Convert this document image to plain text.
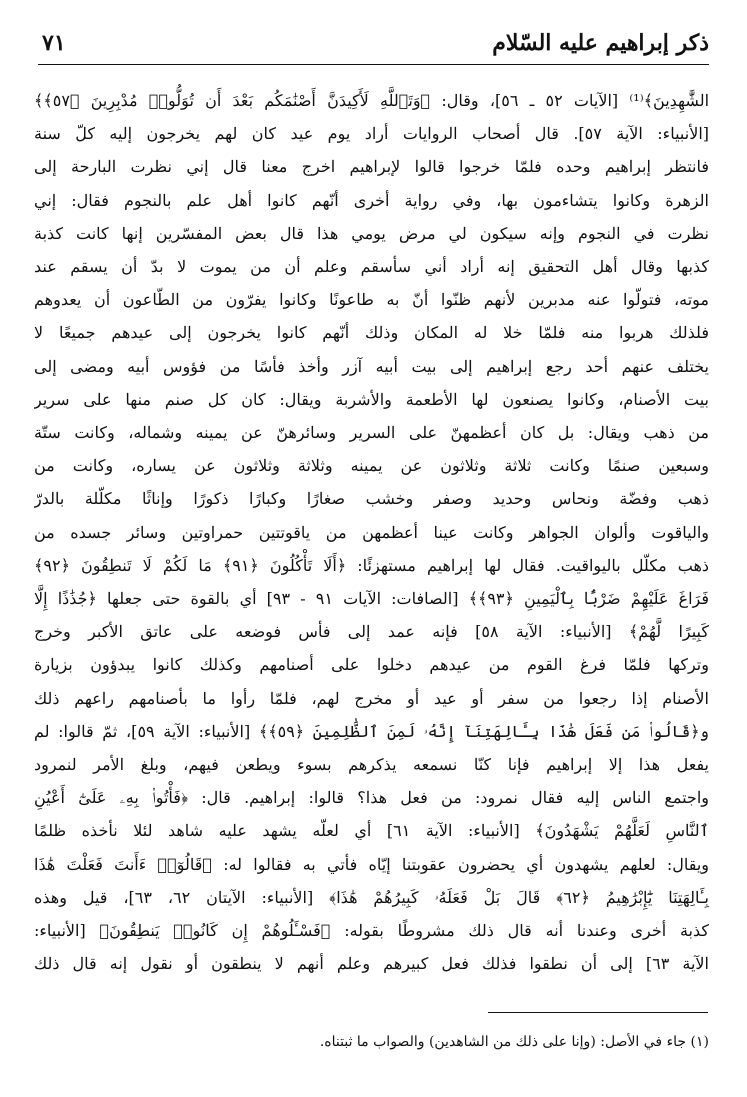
ذكر إبراهيم عليه السّلام
٧١
الشَّٰهِدِينَ﴾⁽¹⁾ [الآيات ٥٢ ـ ٥٦]، وقال: ﴿وَتَٱللَّهِ لَأَكِيدَنَّ أَصْنَٰمَكُم بَعْدَ أَن تُوَلُّوا۟ مُدْبِرِينَ ﴿٥٧﴾﴾
[الأنبياء: الآية ٥٧]. قال أصحاب الروايات أراد يوم عيد كان لهم يخرجون إليه كلّ سنة
فانتظر إبراهيم وحده فلمّا خرجوا قالوا لإبراهيم اخرج معنا قال إني نظرت البارحة إلى
الزهرة وكانوا يتشاءمون بها، وفي رواية أخرى أنّهم كانوا أهل علم بالنجوم فقال: إني
نظرت في النجوم وإنه سيكون لي مرض يومي هذا قال بعض المفسّرين إنها كانت كذبة
كذبها وقال أهل التحقيق إنه أراد أني سأسقم وعلم أن من يموت لا بدّ أن يسقم عند
موته، فتولّوا عنه مدبرين لأنهم ظنّوا أنّ به طاعونًا وكانوا يفرّون من الطّاعون أن يعدوهم
فلذلك هربوا منه فلمّا خلا له المكان وذلك أنّهم كانوا يخرجون إلى عيدهم جميعًا لا
يختلف عنهم أحد رجع إبراهيم إلى بيت أبيه آزر وأخذ فأسًا من فؤوس أبيه ومضى إلى
بيت الأصنام، وكانوا يصنعون لها الأطعمة والأشربة ويقال: كان كل صنم منها على سرير
من ذهب ويقال: بل كان أعظمهنّ على السرير وسائرهنّ عن يمينه وشماله، وكانت ستّة
وسبعين صنمًا وكانت ثلاثة وثلاثون عن يمينه وثلاثة وثلاثون عن يساره، وكانت من
ذهب وفضّة ونحاس وحديد وصفر وخشب صغارًا وكبارًا ذكورًا وإناثًا مكلّلة بالدرّ
والياقوت وألوان الجواهر وكانت عينا أعظمهن من ياقوتتين حمراوتين وسائر جسده من
ذهب مكلّل باليواقيت. فقال لها إبراهيم مستهزئًا: ﴿أَلَا تَأْكُلُونَ ﴿٩١﴾ مَا لَكُمْ لَا تَنطِقُونَ ﴿٩٢﴾
فَرَاغَ عَلَيْهِمْ ضَرْبًۢا بِٱلْيَمِينِ ﴿٩٣﴾﴾ [الصافات: الآيات ٩١ - ٩٣] أي بالقوة حتى جعلها ﴿جُذَٰذًا إِلَّا
كَبِيرًا لَّهُمْ﴾ [الأنبياء: الآية ٥٨] فإنه عمد إلى فأس فوضعه على عاتق الأكبر وخرج
وتركها فلمّا فرغ القوم من عيدهم دخلوا على أصنامهم وكذلك كانوا يبدؤون بزيارة
الأصنام إذا رجعوا من سفر أو عيد أو مخرج لهم، فلمّا رأوا ما بأصنامهم راعهم ذلك
و﴿قَالُوا۟ مَن فَعَلَ هَٰذَا بِـَٔالِهَتِنَآ إِنَّهُۥ لَمِنَ ٱلظَّٰلِمِينَ ﴿٥٩﴾﴾ [الأنبياء: الآية ٥٩]، ثمّ قالوا: لم
يفعل هذا إلا إبراهيم فإنا كنّا نسمعه يذكرهم بسوء ويطعن فيهم، وبلغ الأمر لنمرود
واجتمع الناس إليه فقال نمرود: من فعل هذا؟ قالوا: إبراهيم. قال: ﴿فَأْتُوا۟ بِهِۦ عَلَىٰٓ أَعْيُنِ
ٱلنَّاسِ لَعَلَّهُمْ يَشْهَدُونَ﴾ [الأنبياء: الآية ٦١] أي لعلّه يشهد عليه شاهد لئلا نأخذه ظلمًا
ويقال: لعلهم يشهدون أي يحضرون عقوبتنا إيّاه فأتي به فقالوا له: ﴿قَالُوٓا۟ ءَأَنتَ فَعَلْتَ هَٰذَا
بِـَٔالِهَتِنَا يَٰٓإِبْرَٰهِيمُ ﴿٦٢﴾ قَالَ بَلْ فَعَلَهُۥ كَبِيرُهُمْ هَٰذَا﴾ [الأنبياء: الآيتان ٦٢، ٦٣]، قيل وهذه
كذبة أخرى وعندنا أنه قال ذلك مشروطًا بقوله: ﴿فَسْـَٔلُوهُمْ إِن كَانُوا۟ يَنطِقُونَ﴾ [الأنبياء:
الآية ٦٣] إلى أن نطقوا فذلك فعل كبيرهم وعلم أنهم لا ينطقون أو نقول إنه قال ذلك
(١) جاء في الأصل: (وإنا على ذلك من الشاهدين) والصواب ما ثبتناه.
